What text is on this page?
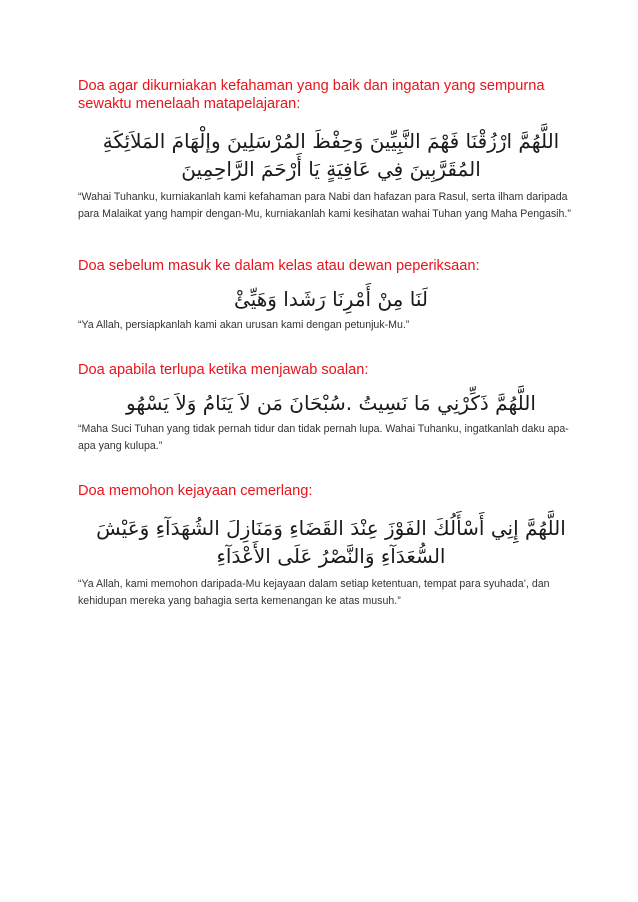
Doa agar dikurniakan kefahaman yang baik dan ingatan yang sempurna sewaktu menelaah matapelajaran:

اللَّهُمَّ ارْزُقْنَا فَهْمَ النَّبِيِّينَ وَحِفْظَ المُرْسَلِينَ وإلْهَامَ المَلاَئِكَةِ المُقَرَّبِينَ فِي عَافِيَةٍ يَا أَرْحَمَ الرَّاحِمِينَ

“Wahai Tuhanku, kurniakanlah kami kefahaman para Nabi dan hafazan para Rasul, serta ilham daripada para Malaikat yang hampir dengan-Mu, kurniakanlah kami kesihatan wahai Tuhan yang Maha Pengasih.”

Doa sebelum masuk ke dalam kelas atau dewan peperiksaan:

لَنَا مِنْ أَمْرِنَا رَشَدا وَهَيِّئْ

“Ya Allah, persiapkanlah kami akan urusan kami dengan petunjuk-Mu.”

Doa apabila terlupa ketika menjawab soalan:

اللَّهُمَّ ذَكِّرْنِي مَا نَسِيتُ .سُبْحَانَ مَن لاَ يَنَامُ وَلاَ يَسْهُو

“Maha Suci Tuhan yang tidak pernah tidur dan tidak pernah lupa. Wahai Tuhanku, ingatkanlah daku apa-apa yang kulupa.”

Doa memohon kejayaan cemerlang:

اللَّهُمَّ إِنِي أَسْأَلُكَ الفَوْزَ عِنْدَ القَضَاءِ وَمَنَازِلَ الشُهَدَآءِ وَعَيْشَ السُّعَدَآءِ وَالنَّصْرُ عَلَى الأَعْدَآءِ

“Ya Allah, kami memohon daripada-Mu kejayaan dalam setiap ketentuan, tempat para syuhada’, dan kehidupan mereka yang bahagia serta kemenangan ke atas musuh.”
